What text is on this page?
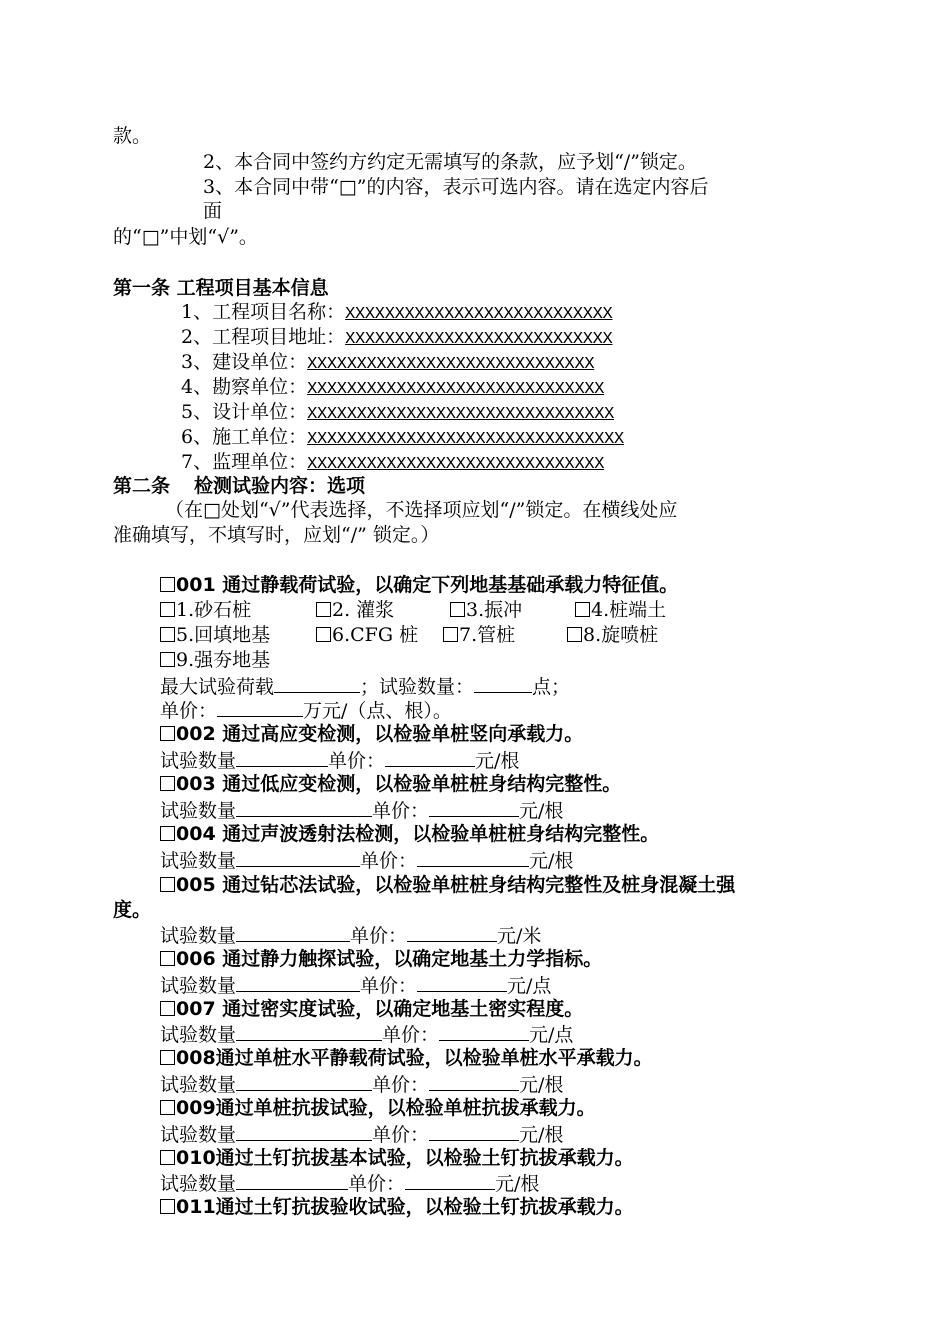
款。
2、本合同中签约方约定无需填写的条款，应予划“/”锁定。
3、本合同中带“□”的内容，表示可选内容。请在选定内容后
面
的“□”中划“√”。
第一条 工程项目基本信息
1、工程项目名称：XXXXXXXXXXXXXXXXXXXXXXXXXXX
2、工程项目地址：XXXXXXXXXXXXXXXXXXXXXXXXXXX
3、建设单位：XXXXXXXXXXXXXXXXXXXXXXXXXXXXX
4、勘察单位：XXXXXXXXXXXXXXXXXXXXXXXXXXXXXX
5、设计单位：XXXXXXXXXXXXXXXXXXXXXXXXXXXXXXX
6、施工单位：XXXXXXXXXXXXXXXXXXXXXXXXXXXXXXXX
7、监理单位：XXXXXXXXXXXXXXXXXXXXXXXXXXXXXX
第二条 检测试验内容：选项
（在□处划“√”代表选择，不选择项应划“/”锁定。在横线处应
准确填写，不填写时，应划“/” 锁定。）
001 通过静载荷试验，以确定下列地基基础承载力特征值。
1.砂石桩	2. 灌浆	3.振冲	4.桩端土
5.回填地基	6.CFG 桩	7.管桩	8.旋喷桩
9.强夯地基
最大试验荷载	；试验数量：	点；
单价：	万元/（点、根）。
002 通过高应变检测，以检验单桩竖向承载力。
试验数量	单价：	元/根
003 通过低应变检测，以检验单桩桩身结构完整性。
试验数量	单价：	元/根
004 通过声波透射法检测，以检验单桩桩身结构完整性。
试验数量	单价：	元/根
005 通过钻芯法试验，以检验单桩桩身结构完整性及桩身混凝土强
度。
试验数量	单价：	元/米
006 通过静力触探试验，以确定地基土力学指标。
试验数量	单价：	元/点
007 通过密实度试验，以确定地基土密实程度。
试验数量	单价：	元/点
008通过单桩水平静载荷试验，以检验单桩水平承载力。
试验数量	单价：	元/根
009通过单桩抗拔试验，以检验单桩抗拔承载力。
试验数量	单价：	元/根
010通过土钉抗拔基本试验，以检验土钉抗拔承载力。
试验数量	单价：	元/根
011通过土钉抗拔验收试验，以检验土钉抗拔承载力。
